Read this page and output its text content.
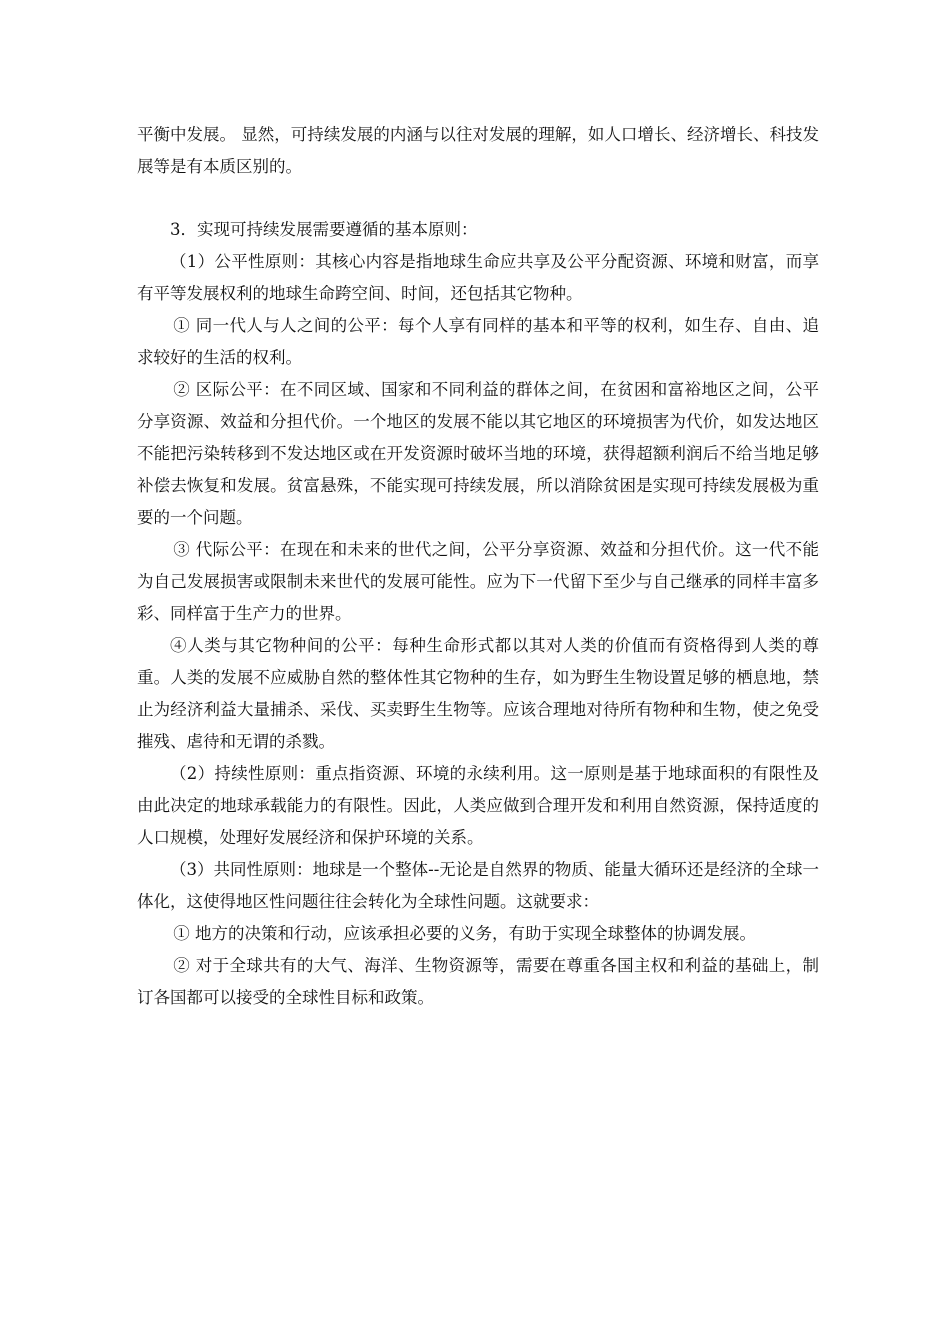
平衡中发展。 显然，可持续发展的内涵与以往对发展的理解，如人口增长、经济增长、科技发展等是有本质区别的。

3．实现可持续发展需要遵循的基本原则：

（1）公平性原则：其核心内容是指地球生命应共享及公平分配资源、环境和财富，而享有平等发展权利的地球生命跨空间、时间，还包括其它物种。

① 同一代人与人之间的公平：每个人享有同样的基本和平等的权利，如生存、自由、追求较好的生活的权利。

② 区际公平：在不同区域、国家和不同利益的群体之间，在贫困和富裕地区之间，公平分享资源、效益和分担代价。一个地区的发展不能以其它地区的环境损害为代价，如发达地区不能把污染转移到不发达地区或在开发资源时破坏当地的环境，获得超额利润后不给当地足够补偿去恢复和发展。贫富悬殊，不能实现可持续发展，所以消除贫困是实现可持续发展极为重要的一个问题。

③ 代际公平：在现在和未来的世代之间，公平分享资源、效益和分担代价。这一代不能为自己发展损害或限制未来世代的发展可能性。应为下一代留下至少与自己继承的同样丰富多彩、同样富于生产力的世界。

④人类与其它物种间的公平：每种生命形式都以其对人类的价值而有资格得到人类的尊重。人类的发展不应威胁自然的整体性其它物种的生存，如为野生生物设置足够的栖息地，禁止为经济利益大量捕杀、采伐、买卖野生生物等。应该合理地对待所有物种和生物，使之免受摧残、虐待和无谓的杀戮。

（2）持续性原则：重点指资源、环境的永续利用。这一原则是基于地球面积的有限性及由此决定的地球承载能力的有限性。因此，人类应做到合理开发和利用自然资源，保持适度的人口规模，处理好发展经济和保护环境的关系。

（3）共同性原则：地球是一个整体--无论是自然界的物质、能量大循环还是经济的全球一体化，这使得地区性问题往往会转化为全球性问题。这就要求：

① 地方的决策和行动，应该承担必要的义务，有助于实现全球整体的协调发展。

② 对于全球共有的大气、海洋、生物资源等，需要在尊重各国主权和利益的基础上，制订各国都可以接受的全球性目标和政策。
